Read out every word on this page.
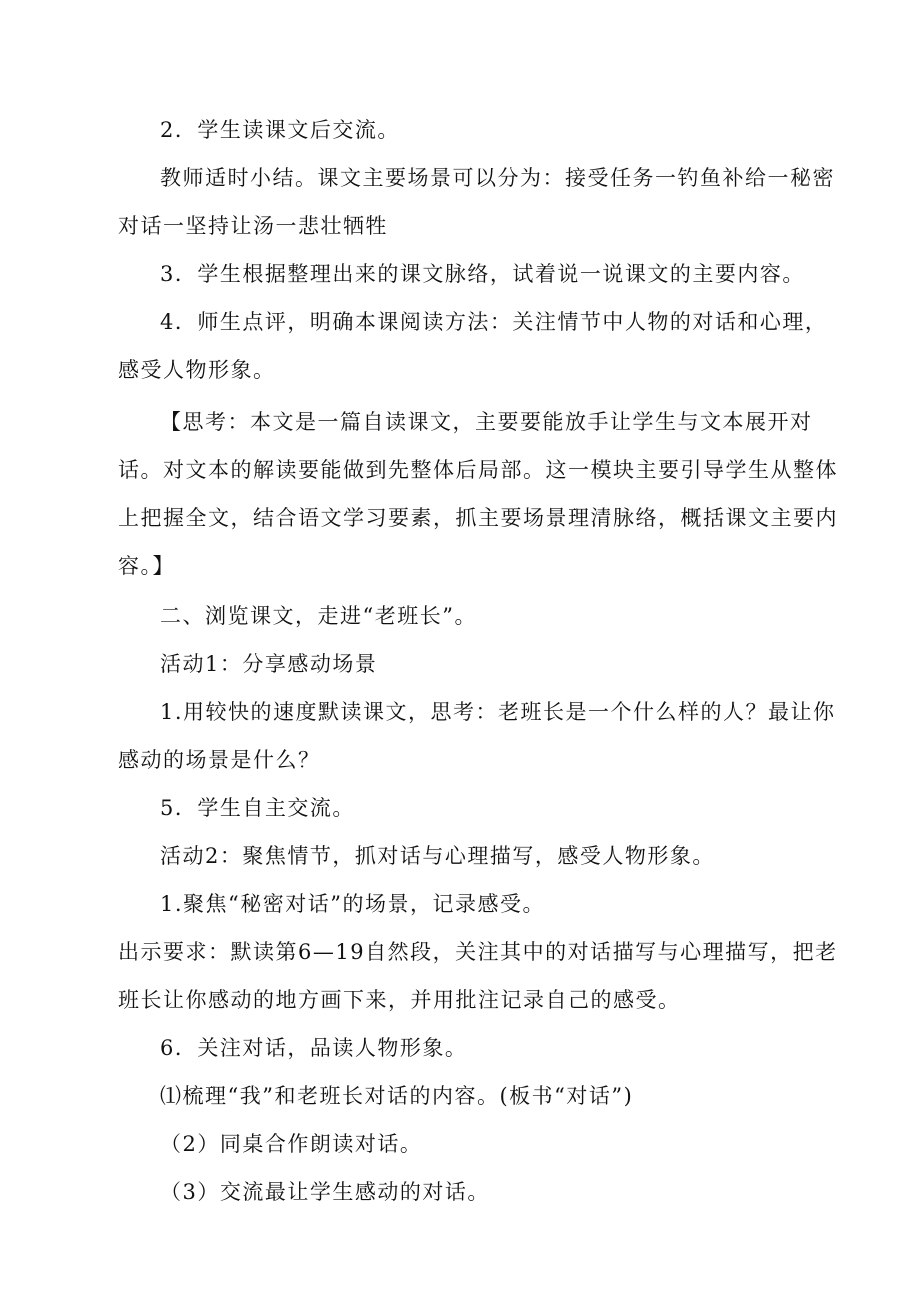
2．学生读课文后交流。

教师适时小结。课文主要场景可以分为：接受任务一钓鱼补给一秘密对话一坚持让汤一悲壮牺牲

3．学生根据整理出来的课文脉络，试着说一说课文的主要内容。

4．师生点评，明确本课阅读方法：关注情节中人物的对话和心理，感受人物形象。

【思考：本文是一篇自读课文，主要要能放手让学生与文本展开对话。对文本的解读要能做到先整体后局部。这一模块主要引导学生从整体上把握全文，结合语文学习要素，抓主要场景理清脉络，概括课文主要内容。】

二、浏览课文，走进“老班长”。

活动1：分享感动场景

1.用较快的速度默读课文，思考：老班长是一个什么样的人？最让你感动的场景是什么？

5．学生自主交流。

活动2：聚焦情节，抓对话与心理描写，感受人物形象。

1.聚焦“秘密对话”的场景，记录感受。

出示要求：默读第6—19自然段，关注其中的对话描写与心理描写，把老班长让你感动的地方画下来，并用批注记录自己的感受。

6．关注对话，品读人物形象。

⑴梳理“我”和老班长对话的内容。(板书“对话”)

（2）同桌合作朗读对话。

（3）交流最让学生感动的对话。
